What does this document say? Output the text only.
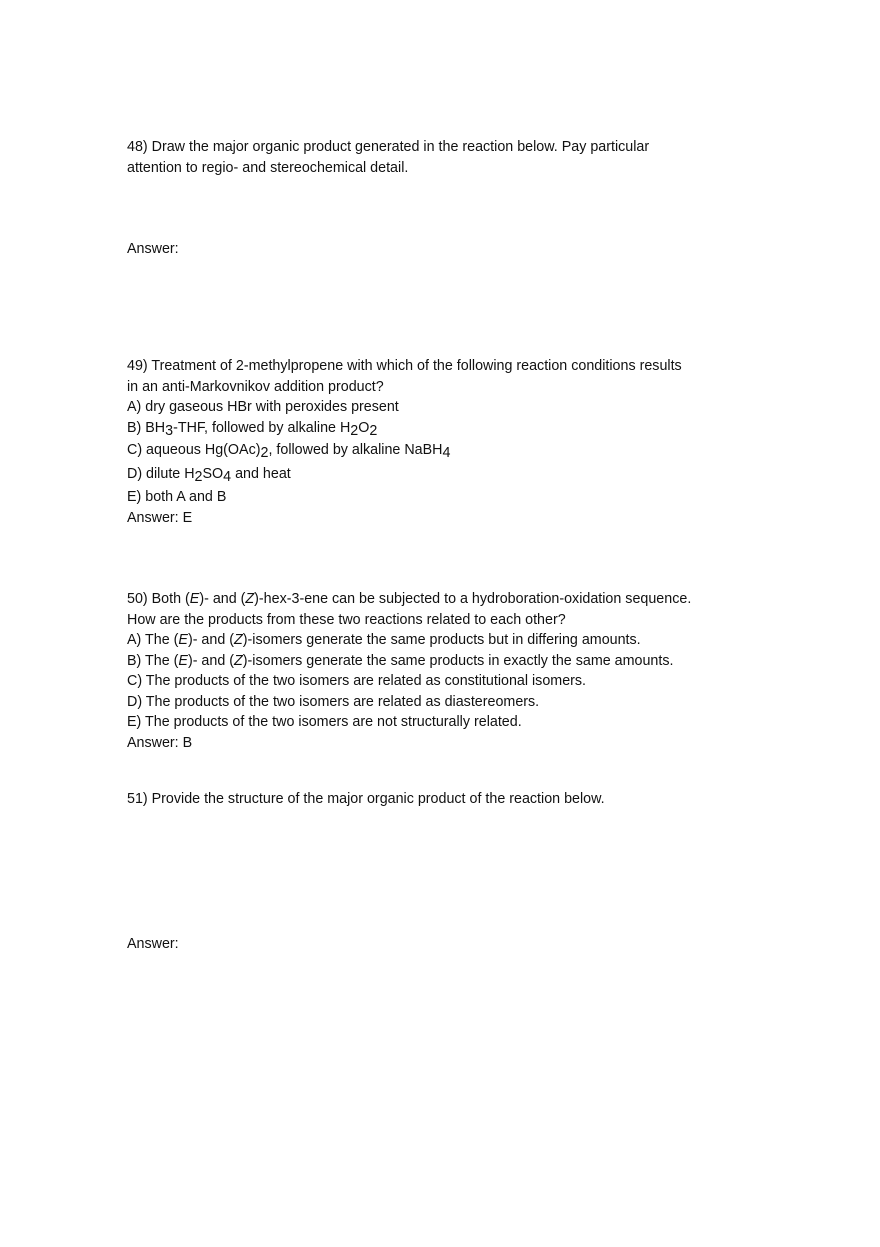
48) Draw the major organic product generated in the reaction below. Pay particular
attention to regio- and stereochemical detail.
Answer:
49) Treatment of 2-methylpropene with which of the following reaction conditions results
in an anti-Markovnikov addition product?
A) dry gaseous HBr with peroxides present
B) BH3-THF, followed by alkaline H2O2
C) aqueous Hg(OAc)2, followed by alkaline NaBH4
D) dilute H2SO4 and heat
E) both A and B
Answer: E
50) Both (E)- and (Z)-hex-3-ene can be subjected to a hydroboration-oxidation sequence.
How are the products from these two reactions related to each other?
A) The (E)- and (Z)-isomers generate the same products but in differing amounts.
B) The (E)- and (Z)-isomers generate the same products in exactly the same amounts.
C) The products of the two isomers are related as constitutional isomers.
D) The products of the two isomers are related as diastereomers.
E) The products of the two isomers are not structurally related.
Answer: B
51) Provide the structure of the major organic product of the reaction below.
Answer:
